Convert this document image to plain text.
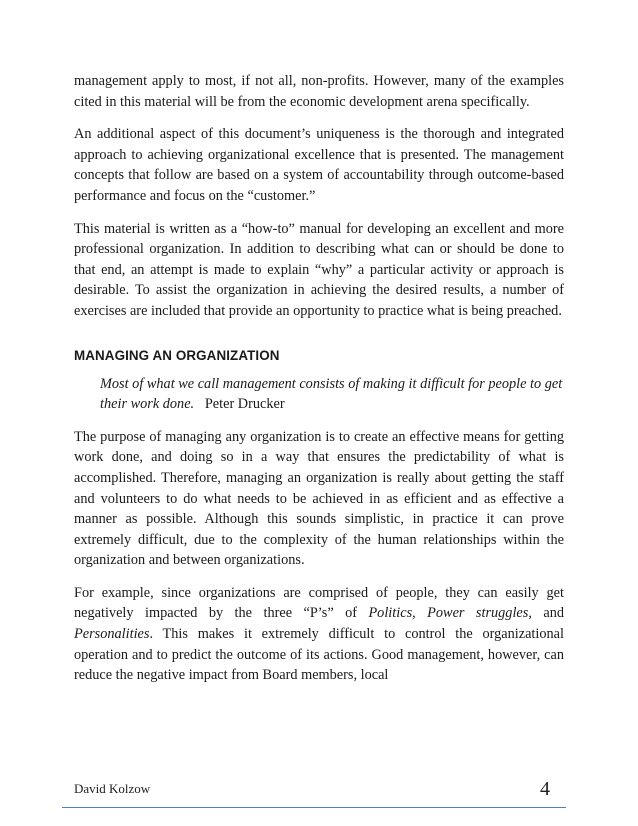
management apply to most, if not all, non-profits. However, many of the examples cited in this material will be from the economic development arena specifically.

An additional aspect of this document’s uniqueness is the thorough and integrated approach to achieving organizational excellence that is presented. The management concepts that follow are based on a system of accountability through outcome-based performance and focus on the “customer.”

This material is written as a “how-to” manual for developing an excellent and more professional organization. In addition to describing what can or should be done to that end, an attempt is made to explain “why” a particular activity or approach is desirable. To assist the organization in achieving the desired results, a number of exercises are included that provide an opportunity to practice what is being preached.

MANAGING AN ORGANIZATION

Most of what we call management consists of making it difficult for people to get their work done. Peter Drucker

The purpose of managing any organization is to create an effective means for getting work done, and doing so in a way that ensures the predictability of what is accomplished. Therefore, managing an organization is really about getting the staff and volunteers to do what needs to be achieved in as efficient and as effective a manner as possible. Although this sounds simplistic, in practice it can prove extremely difficult, due to the complexity of the human relationships within the organization and between organizations.

For example, since organizations are comprised of people, they can easily get negatively impacted by the three “P’s” of Politics, Power struggles, and Personalities. This makes it extremely difficult to control the organizational operation and to predict the outcome of its actions. Good management, however, can reduce the negative impact from Board members, local

David Kolzow	4
